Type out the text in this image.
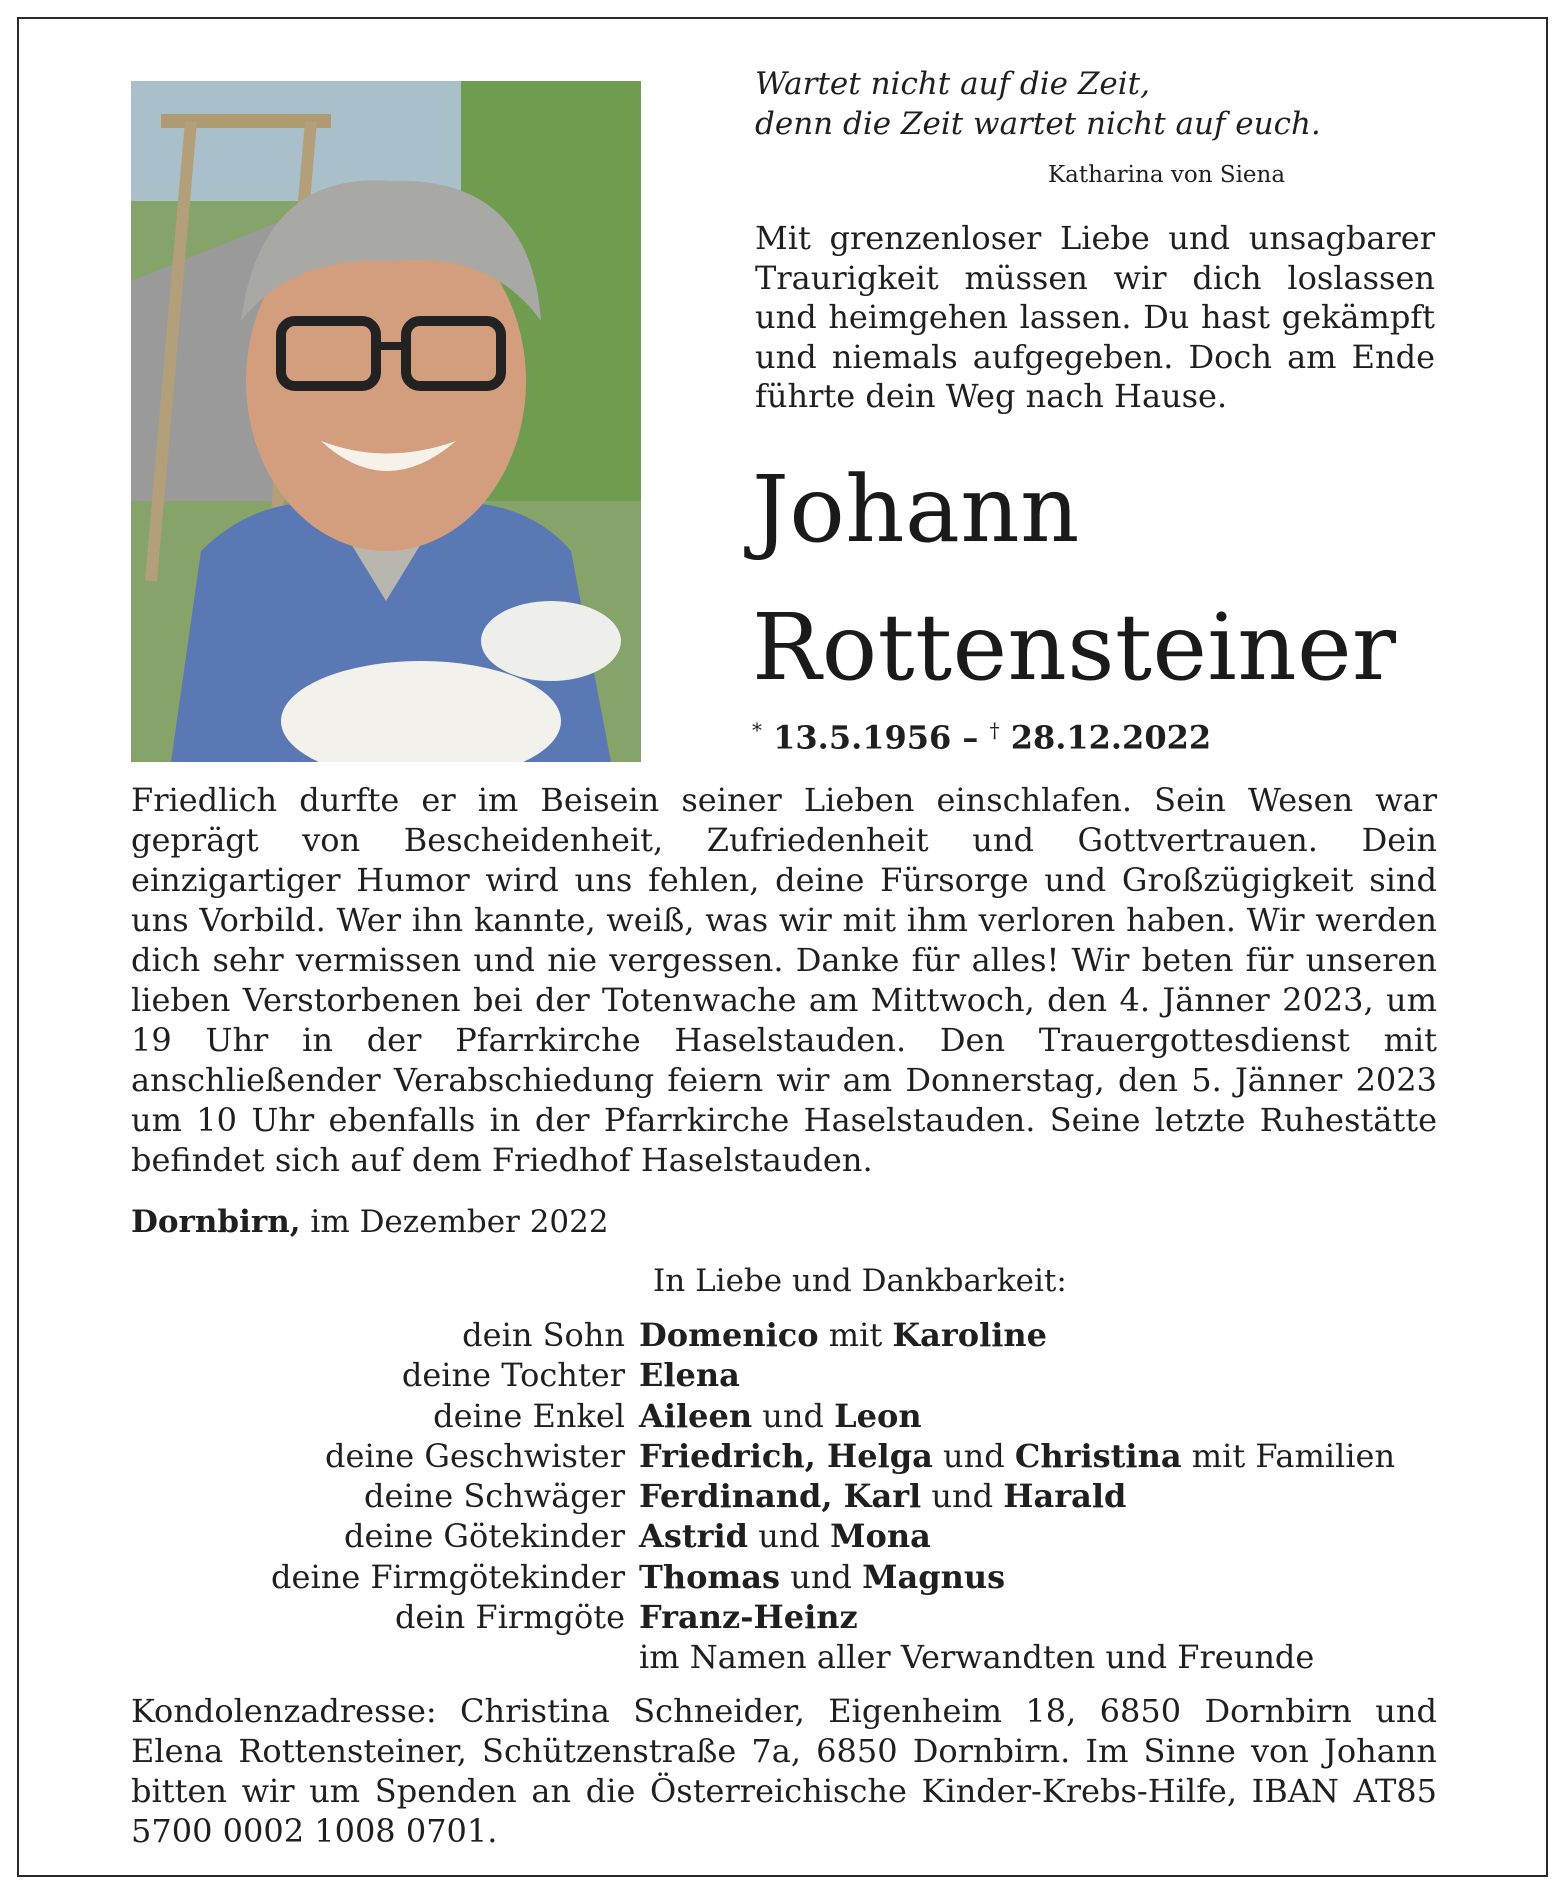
Wartet nicht auf die Zeit,
denn die Zeit wartet nicht auf euch.
Katharina von Siena
Mit grenzenloser Liebe und unsagbarer Traurigkeit müssen wir dich loslassen und heimgehen lassen. Du hast gekämpft und niemals aufgegeben. Doch am Ende führte dein Weg nach Hause.
Johann
Rottensteiner
* 13.5.1956 – † 28.12.2022
Friedlich durfte er im Beisein seiner Lieben einschlafen. Sein Wesen war geprägt von Bescheidenheit, Zufriedenheit und Gottvertrauen. Dein einzigartiger Humor wird uns fehlen, deine Fürsorge und Großzügigkeit sind uns Vorbild. Wer ihn kannte, weiß, was wir mit ihm verloren haben. Wir werden dich sehr vermissen und nie vergessen. Danke für alles! Wir beten für unseren lieben Verstorbenen bei der Totenwache am Mittwoch, den 4. Jänner 2023, um 19 Uhr in der Pfarrkirche Haselstauden. Den Trauergottesdienst mit anschließender Verabschiedung feiern wir am Donnerstag, den 5. Jänner 2023 um 10 Uhr ebenfalls in der Pfarrkirche Haselstauden. Seine letzte Ruhestätte befindet sich auf dem Friedhof Haselstauden.
Dornbirn, im Dezember 2022
In Liebe und Dankbarkeit:
dein Sohn Domenico mit Karoline
deine Tochter Elena
deine Enkel Aileen und Leon
deine Geschwister Friedrich, Helga und Christina mit Familien
deine Schwäger Ferdinand, Karl und Harald
deine Götekinder Astrid und Mona
deine Firmgötekinder Thomas und Magnus
dein Firmgöte Franz-Heinz
im Namen aller Verwandten und Freunde
Kondolenzadresse: Christina Schneider, Eigenheim 18, 6850 Dornbirn und Elena Rottensteiner, Schützenstraße 7a, 6850 Dornbirn. Im Sinne von Johann bitten wir um Spenden an die Österreichische Kinder-Krebs-Hilfe, IBAN AT85 5700 0002 1008 0701.
